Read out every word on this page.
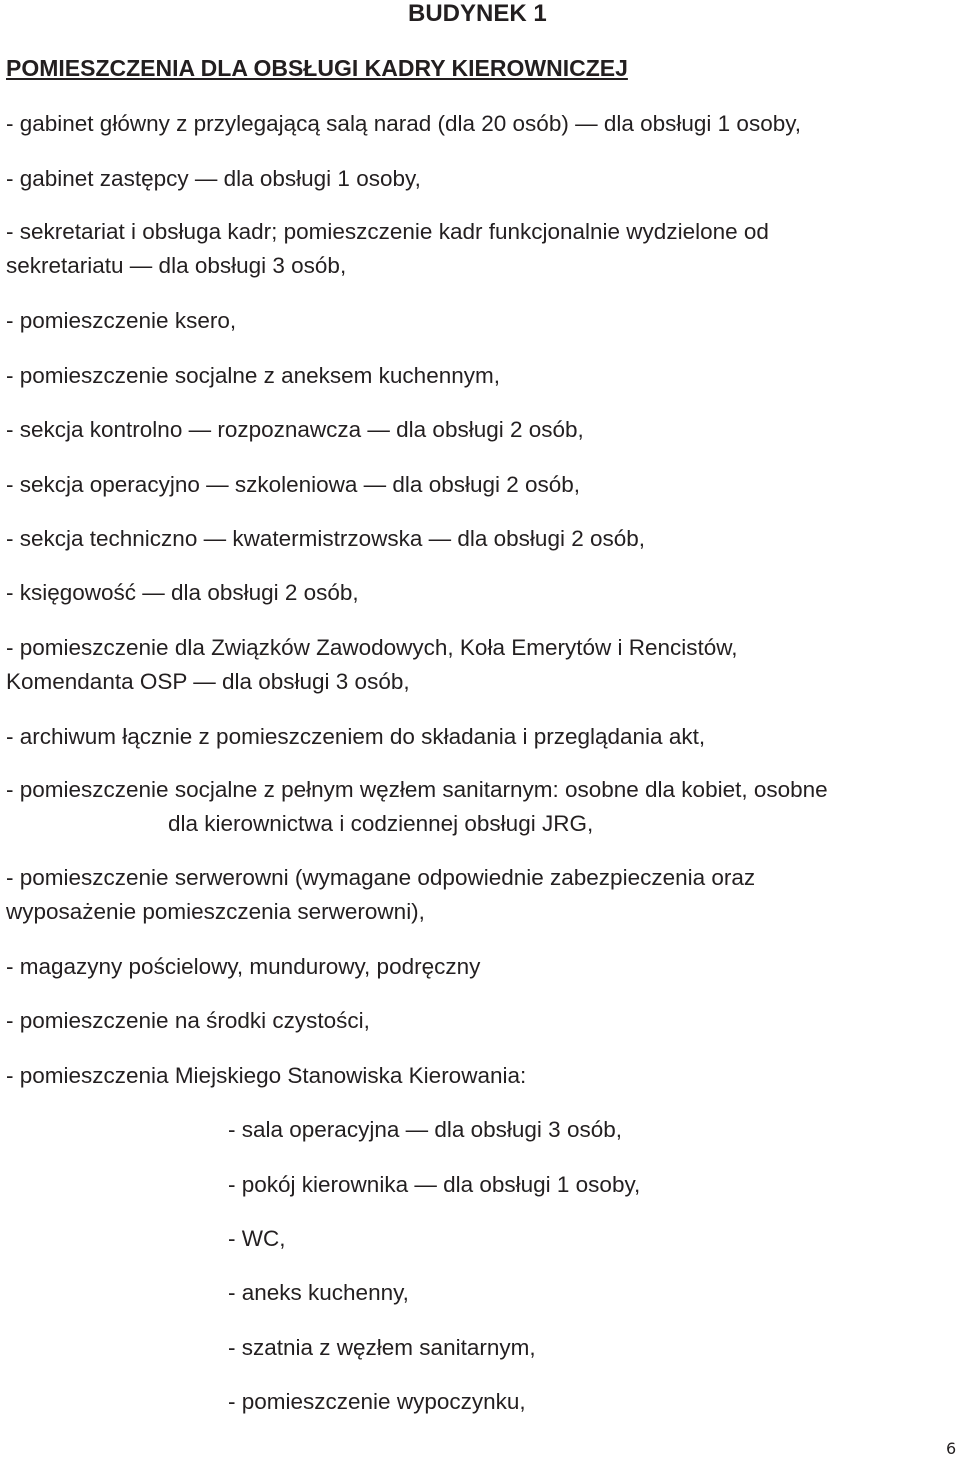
BUDYNEK 1
POMIESZCZENIA DLA OBSŁUGI KADRY KIEROWNICZEJ
- gabinet główny z przylegającą salą narad (dla 20 osób) — dla obsługi 1 osoby,
- gabinet zastępcy — dla obsługi 1 osoby,
- sekretariat i obsługa kadr; pomieszczenie kadr funkcjonalnie wydzielone od
sekretariatu — dla obsługi 3 osób,
- pomieszczenie ksero,
- pomieszczenie socjalne z aneksem kuchennym,
- sekcja kontrolno — rozpoznawcza — dla obsługi 2 osób,
- sekcja operacyjno — szkoleniowa — dla obsługi 2 osób,
- sekcja techniczno — kwatermistrzowska — dla obsługi 2 osób,
- księgowość — dla obsługi 2 osób,
- pomieszczenie dla Związków Zawodowych, Koła Emerytów i Rencistów,
Komendanta OSP — dla obsługi 3 osób,
- archiwum łącznie z pomieszczeniem do składania i przeglądania akt,
- pomieszczenie socjalne z pełnym węzłem sanitarnym: osobne dla kobiet, osobne
dla kierownictwa i codziennej obsługi JRG,
- pomieszczenie serwerowni (wymagane odpowiednie zabezpieczenia oraz
wyposażenie pomieszczenia serwerowni),
- magazyny pościelowy, mundurowy, podręczny
- pomieszczenie na środki czystości,
- pomieszczenia Miejskiego Stanowiska Kierowania:
- sala operacyjna — dla obsługi 3 osób,
- pokój kierownika — dla obsługi 1 osoby,
- WC,
- aneks kuchenny,
- szatnia z węzłem sanitarnym,
- pomieszczenie wypoczynku,
6
